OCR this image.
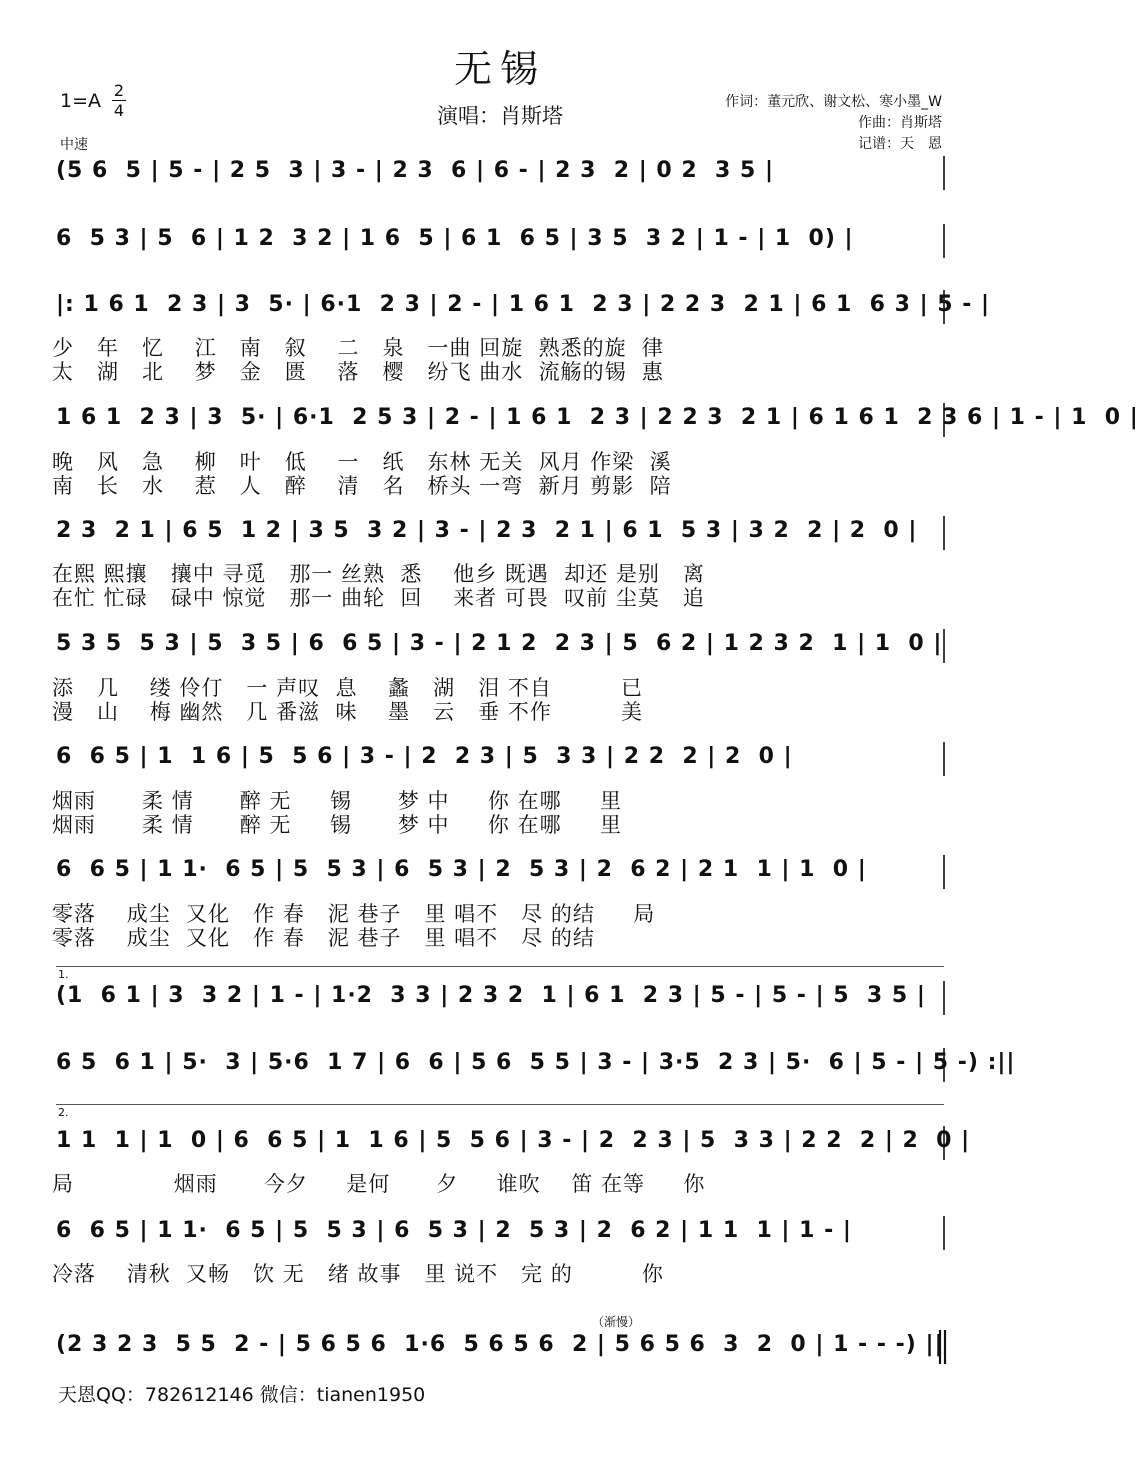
无锡
1=A 2
4	演唱：肖斯塔
作词：董元欣、谢文松、寒小墨_W
作曲：肖斯塔
记谱：天　恩
中速
(5 6  5 | 5 - | 2 5  3 | 3 - | 2 3  6 | 6 - | 2 3  2 | 0 2  3 5 |
6  5 3 | 5  6 | 1 2  3 2 | 1 6  5 | 6 1  6 5 | 3 5  3 2 | 1 - | 1  0) |
|: 1 6 1  2 3 | 3  5· | 6·1  2 3 | 2 - | 1 6 1  2 3 | 2 2 3  2 1 | 6 1  6 3 | 5 - |
少   年   忆    江   南   叙    二   泉   一曲 回旋  熟悉的旋  律
太   湖   北    梦   金   匮    落   樱   纷飞 曲水  流觞的锡  惠
1 6 1  2 3 | 3  5· | 6·1  2 5 3 | 2 - | 1 6 1  2 3 | 2 2 3  2 1 | 6 1 6 1  2 3 6 | 1 - | 1  0 |
晚   风   急    柳   叶   低    一   纸   东林 无关  风月 作梁  溪
南   长   水    惹   人   醉    清   名   桥头 一弯  新月 剪影  陪
2 3  2 1 | 6 5  1 2 | 3 5  3 2 | 3 - | 2 3  2 1 | 6 1  5 3 | 3 2  2 | 2  0 |
在熙 熙攘   攘中 寻觅   那一 丝熟  悉    他乡 既遇  却还 是别   离
在忙 忙碌   碌中 惊觉   那一 曲轮  回    来者 可畏  叹前 尘莫   追
5 3 5  5 3 | 5  3 5 | 6  6 5 | 3 - | 2 1 2  2 3 | 5  6 2 | 1 2 3 2  1 | 1  0 |
添   几    缕 伶仃   一 声叹  息    蠡   湖   泪 不自         已
漫   山    梅 幽然   几 番滋  味    墨   云   垂 不作         美
6  6 5 | 1  1 6 | 5  5 6 | 3 - | 2  2 3 | 5  3 3 | 2 2  2 | 2  0 |
烟雨      柔 情      醉 无     锡      梦 中     你 在哪     里
烟雨      柔 情      醉 无     锡      梦 中     你 在哪     里
6  6 5 | 1 1·  6 5 | 5  5 3 | 6  5 3 | 2  5 3 | 2  6 2 | 2 1  1 | 1  0 |
零落    成尘  又化   作 春   泥 巷子   里 唱不   尽 的结     局
零落    成尘  又化   作 春   泥 巷子   里 唱不   尽 的结
1.
(1  6 1 | 3  3 2 | 1 - | 1·2  3 3 | 2 3 2  1 | 6 1  2 3 | 5 - | 5 - | 5  3 5 |
6 5  6 1 | 5·  3 | 5·6  1 7 | 6  6 | 5 6  5 5 | 3 - | 3·5  2 3 | 5·  6 | 5 - | 5 -) :||
2.
1 1  1 | 1  0 | 6  6 5 | 1  1 6 | 5  5 6 | 3 - | 2  2 3 | 5  3 3 | 2 2  2 | 2  0 |
局             烟雨      今夕     是何      夕     谁吹    笛 在等     你
6  6 5 | 1 1·  6 5 | 5  5 3 | 6  5 3 | 2  5 3 | 2  6 2 | 1 1  1 | 1 - |
冷落    清秋  又畅   饮 无   绪 故事   里 说不   完 的         你
（渐慢）
(2 3 2 3  5 5  2 - | 5 6 5 6  1·6  5 6 5 6  2 | 5 6 5 6  3  2  0 | 1 - - -) ||
天恩QQ：782612146 微信：tianen1950
